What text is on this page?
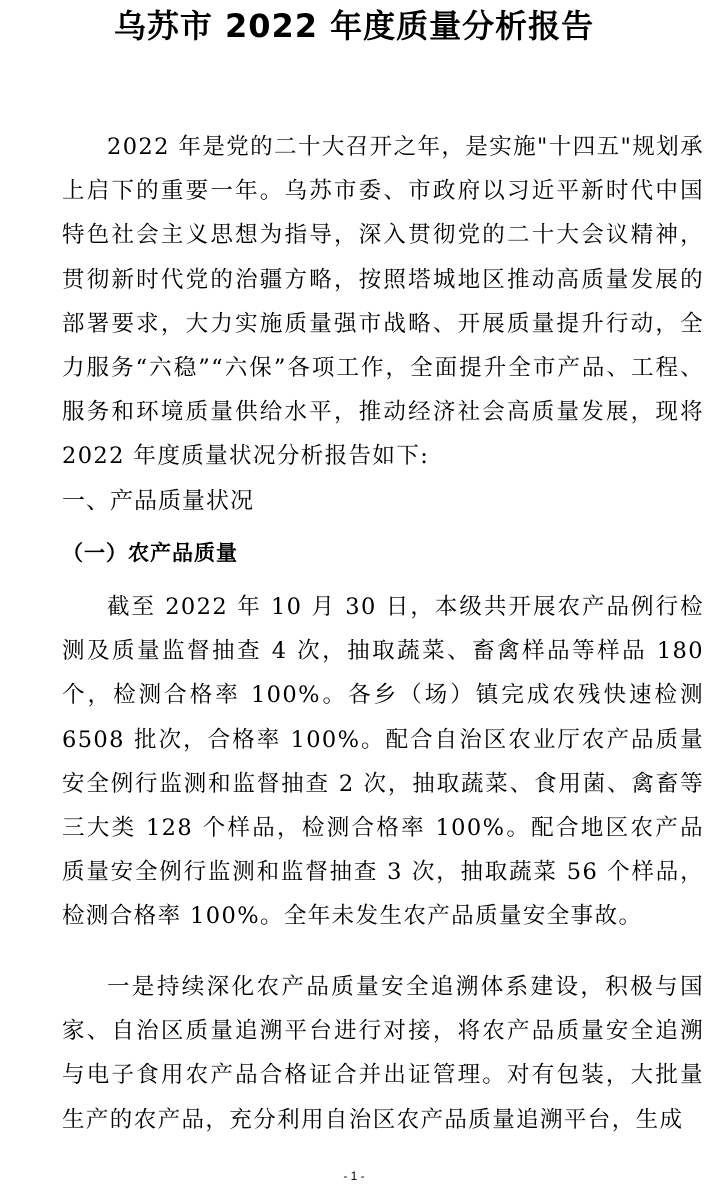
乌苏市 2022 年度质量分析报告
2022 年是党的二十大召开之年，是实施"十四五"规划承上启下的重要一年。乌苏市委、市政府以习近平新时代中国特色社会主义思想为指导，深入贯彻党的二十大会议精神，贯彻新时代党的治疆方略，按照塔城地区推动高质量发展的部署要求，大力实施质量强市战略、开展质量提升行动，全力服务“六稳”“六保”各项工作，全面提升全市产品、工程、服务和环境质量供给水平，推动经济社会高质量发展，现将 2022 年度质量状况分析报告如下:
一、产品质量状况
（一）农产品质量
截至 2022 年 10 月 30 日，本级共开展农产品例行检测及质量监督抽查 4 次，抽取蔬菜、畜禽样品等样品 180 个，检测合格率 100%。各乡（场）镇完成农残快速检测 6508 批次，合格率 100%。配合自治区农业厅农产品质量安全例行监测和监督抽查 2 次，抽取蔬菜、食用菌、禽畜等三大类 128 个样品，检测合格率 100%。配合地区农产品质量安全例行监测和监督抽查 3 次，抽取蔬菜 56 个样品，检测合格率 100%。全年未发生农产品质量安全事故。
一是持续深化农产品质量安全追溯体系建设，积极与国家、自治区质量追溯平台进行对接，将农产品质量安全追溯与电子食用农产品合格证合并出证管理。对有包装，大批量生产的农产品，充分利用自治区农产品质量追溯平台，生成
- 1 -
